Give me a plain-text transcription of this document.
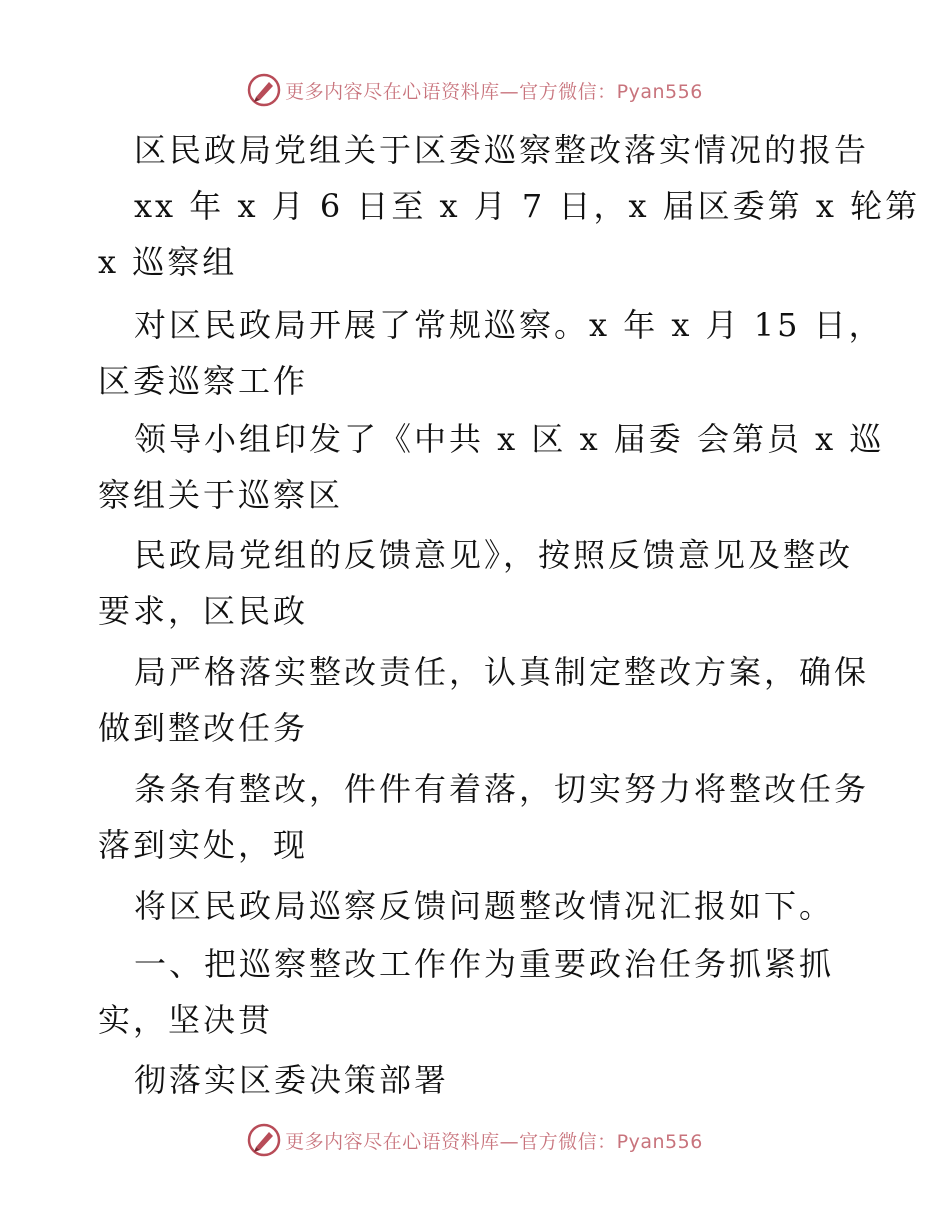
更多内容尽在心语资料库—官方微信：Pyan556
区民政局党组关于区委巡察整改落实情况的报告
xx 年 x 月 6 日至 x 月 7 日，x 届区委第 x 轮第
x 巡察组
对区民政局开展了常规巡察。x 年 x 月 15 日，
区委巡察工作
领导小组印发了《中共 x 区 x 届委 会第员 x 巡
察组关于巡察区
民政局党组的反馈意见》，按照反馈意见及整改
要求，区民政
局严格落实整改责任，认真制定整改方案，确保
做到整改任务
条条有整改，件件有着落，切实努力将整改任务
落到实处，现
将区民政局巡察反馈问题整改情况汇报如下。
一、把巡察整改工作作为重要政治任务抓紧抓
实，坚决贯
彻落实区委决策部署
更多内容尽在心语资料库—官方微信：Pyan556
